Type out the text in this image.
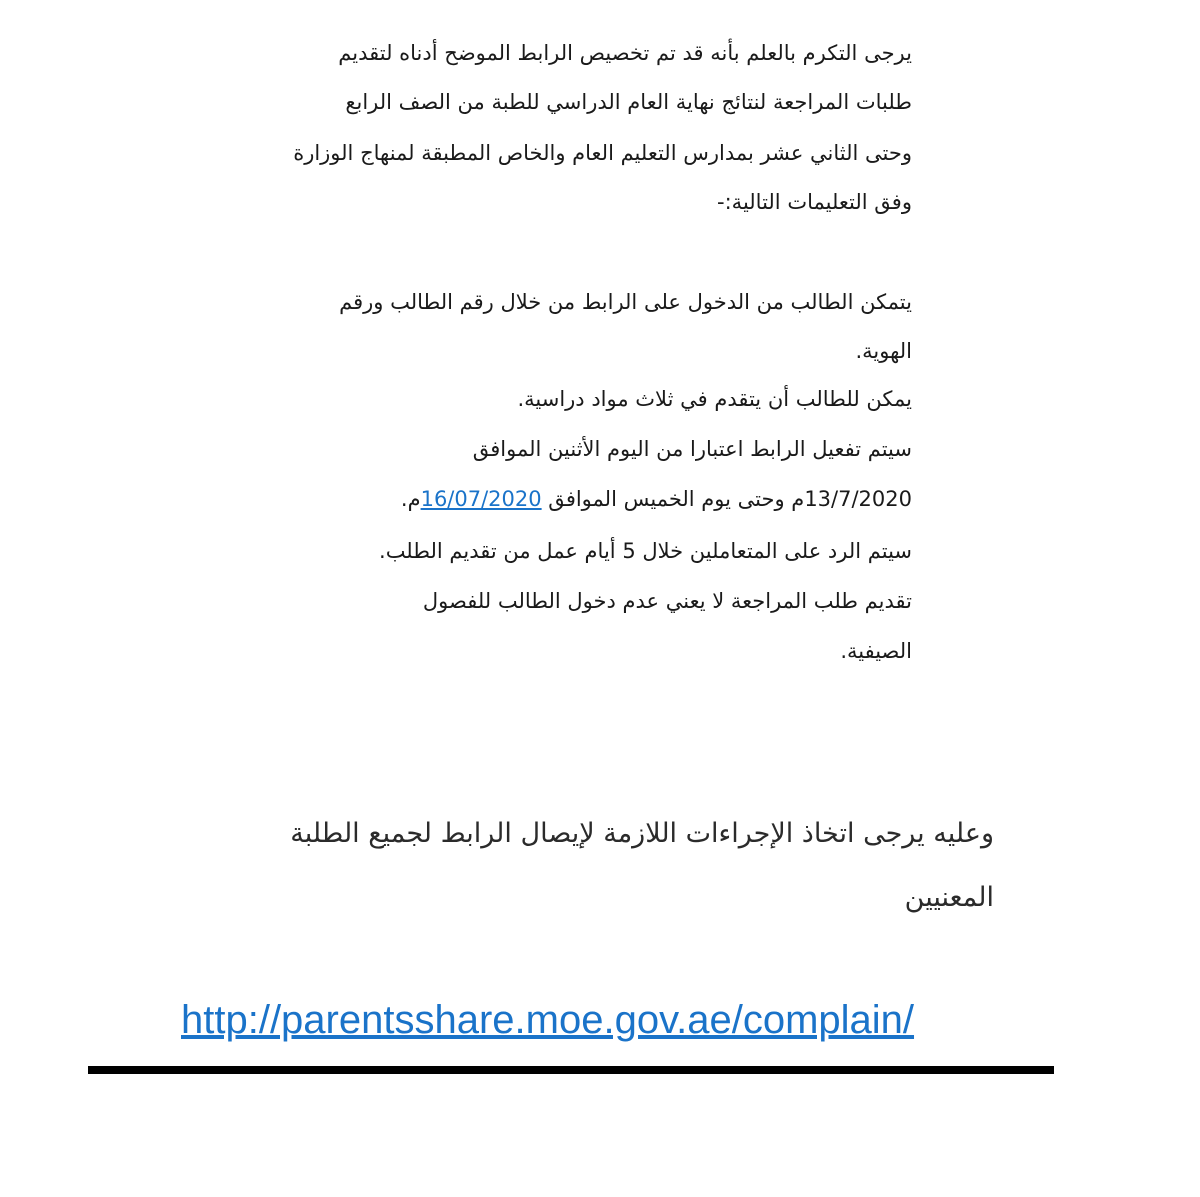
يرجى التكرم بالعلم بأنه قد تم تخصيص الرابط الموضح أدناه لتقديم

طلبات المراجعة لنتائج نهاية العام الدراسي للطبة من الصف الرابع

وحتى الثاني عشر بمدارس التعليم العام والخاص المطبقة لمنهاج الوزارة

وفق التعليمات التالية:-

يتمكن الطالب من الدخول على الرابط من خلال رقم الطالب ورقم

الهوية.

يمكن للطالب أن يتقدم في ثلاث مواد دراسية.

سيتم تفعيل الرابط اعتبارا من اليوم الأثنين الموافق

13/7/2020م وحتى يوم الخميس الموافق 16/07/2020م.

سيتم الرد على المتعاملين خلال 5 أيام عمل من تقديم الطلب.

تقديم طلب المراجعة لا يعني عدم دخول الطالب للفصول

الصيفية.

وعليه يرجى اتخاذ الإجراءات اللازمة لإيصال الرابط لجميع الطلبة

المعنيين

http://parentsshare.moe.gov.ae/complain/
